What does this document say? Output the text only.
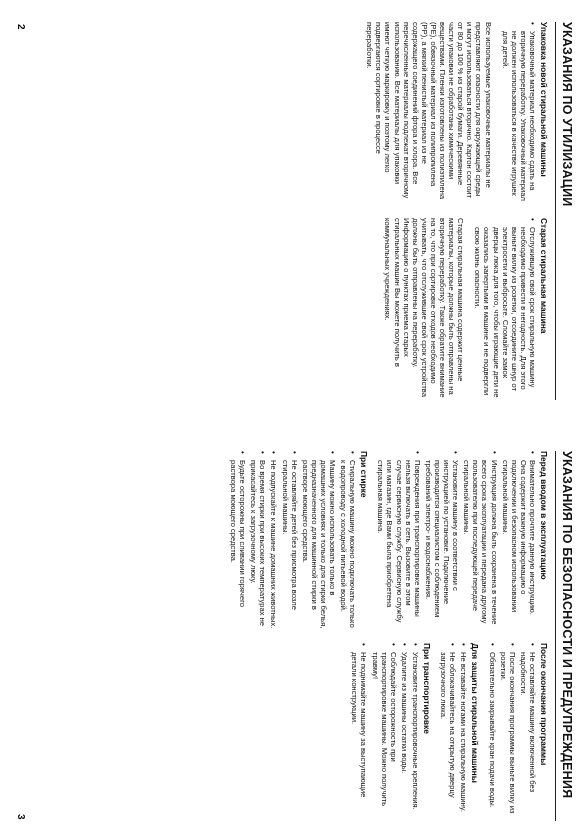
УКАЗАНИЯ ПО УТИЛИЗАЦИИ
Упаковка новой стиральной машины
• Упаковочный материал необходимо сдать на вторичную переработку. Упаковочный материал не должен использоваться в качестве игрушек для детей.
Все используемые упаковочные материалы не представляют опасности для окружающей среды и могут использоваться вторично. Картон состоит от 80 до 100 % из старой бумаги. Деревянные части упаковки не обработаны химическими веществами. Пленки изготовлены из полиэтилена (PE), обвязочный материал из полипропилена (PP), а мягкий пенистый материал из не содержащего соединений фтора и хлора. Все перечисленные материалы подлежат вторичному использованию. Все материалы для упаковки имеют четкую маркировку и поэтому легко подвергаются сортировке в процессе переработки.
Старая стиральная машина
• Отслужившую свой срок стиральную машину необходимо привести в негодность. Для этого выньте вилку из розетки, отсоедините шнур от электросети и выбросьте. Сломайте замок дверцы люка для того, чтобы играющие дети не оказались запертыми в машине и не подвергли свою жизнь опасности.
Старая стиральная машина содержит ценные материалы, которые должны быть отправлены на вторичную переработку. Также обратите внимание на то, что при сортировке отходов необходимо учитывать, что отслужившие свой срок устройства должны быть отправлены на переработку. Информацию о пунктах приема старых стиральных машин Вы можете получить в коммунальных учреждениях.
2
УКАЗАНИЯ ПО БЕЗОПАСНОСТИ И ПРЕДУПРЕЖДЕНИЯ
Перед вводом в эксплуатацию
• Внимательно прочтите данную инструкцию. Она содержит важную информацию о подключении и безопасном использовании стиральной машины.
• Инструкция должна быть сохранена в течение всего срока эксплуатации и передана другому пользователю при последующей передаче стиральной машины.
• Установите машину в соответствии с инструкцией по установке. Подключение производится специалистом с соблюдением требований электро- и водоснабжения.
• Повреждения при транспортировке машины нельзя включать в сеть. Вызовите в этом случае сервисную службу. Сервисную службу или магазин, где Вами была приобретена стиральная машина.
При стирке
• Стиральную машину можно подключать только к водопроводу с холодной питьевой водой.
• Машину можно использовать только в домашних условиях и только для стирки белья, предназначенного для машинной стирки в растворе моющего средства.
• Не оставляйте детей без присмотра возле стиральной машины.
• Не подпускайте к машине домашних животных.
• Во время стирки при высоких температурах не прикасайтесь к загрузочному люку.
• Будьте осторожны при сливании горячего раствора моющего средства.
После окончания программы
• Не оставляйте машину включенной без надобности.
• После окончания программы выньте вилку из розетки.
• Обязательно закрывайте кран подачи воды.
Для защиты стиральной машины
• Не вставайте ногами на стиральную машину.
• Не облокачивайтесь на открытую дверцу загрузочного люка.
При транспортировке
• Установите транспортировочные крепления.
• Удалите из машины остатки воды.
• Соблюдайте осторожность при транспортировке машины. Можно получить травму!
• Не поднимайте машину за выступающие детали конструкции.
3
